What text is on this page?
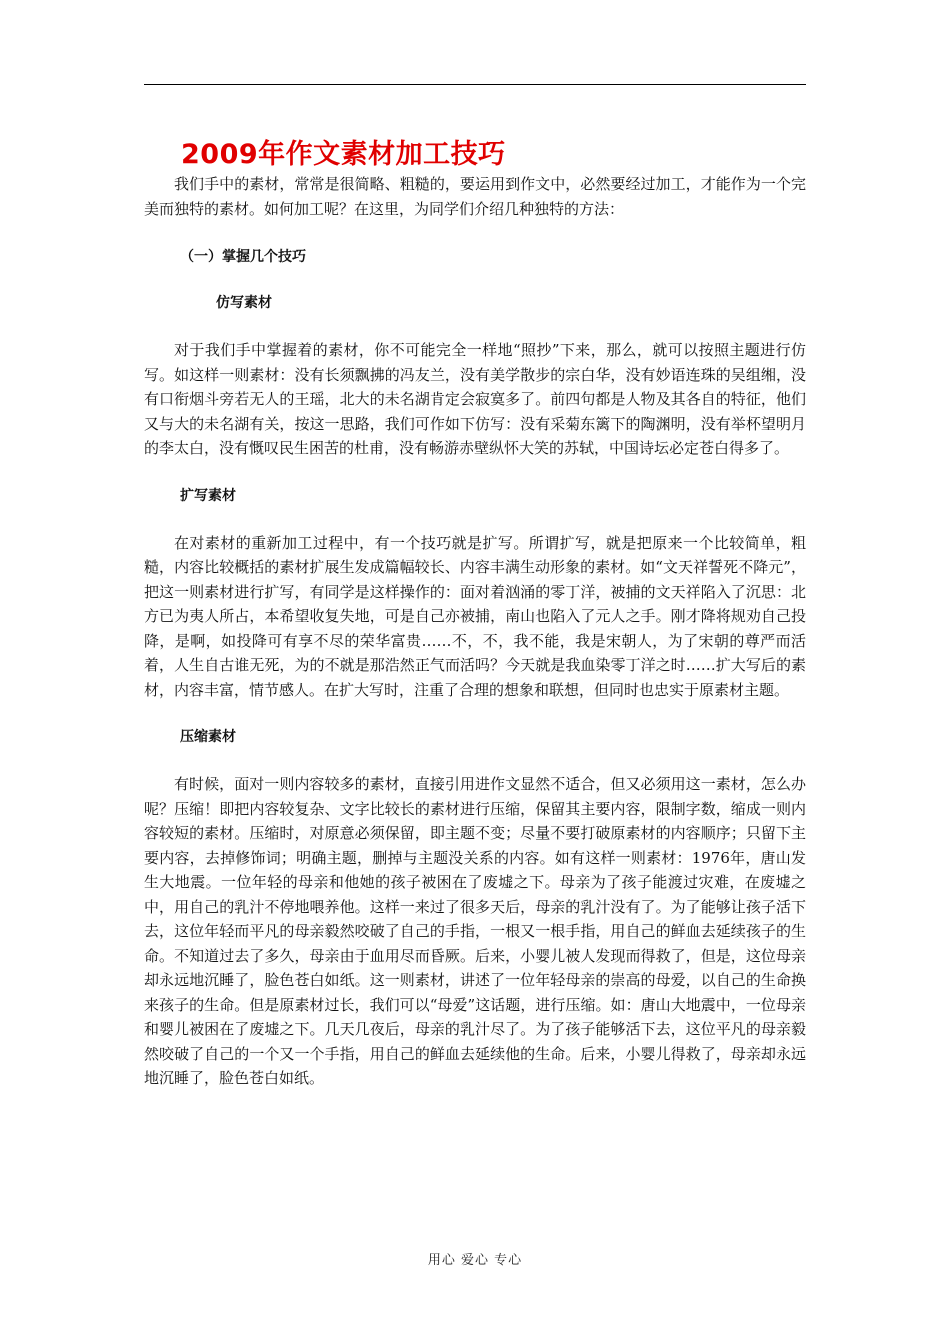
2009年作文素材加工技巧

我们手中的素材，常常是很简略、粗糙的，要运用到作文中，必然要经过加工，才能作为一个完美而独特的素材。如何加工呢？在这里，为同学们介绍几种独特的方法：

（一）掌握几个技巧

仿写素材

对于我们手中掌握着的素材，你不可能完全一样地“照抄”下来，那么，就可以按照主题进行仿写。如这样一则素材：没有长须飘拂的冯友兰，没有美学散步的宗白华，没有妙语连珠的吴组缃，没有口衔烟斗旁若无人的王瑶，北大的未名湖肯定会寂寞多了。前四句都是人物及其各自的特征，他们又与大的未名湖有关，按这一思路，我们可作如下仿写：没有采菊东篱下的陶渊明，没有举杯望明月的李太白，没有慨叹民生困苦的杜甫，没有畅游赤壁纵怀大笑的苏轼，中国诗坛必定苍白得多了。

扩写素材

在对素材的重新加工过程中，有一个技巧就是扩写。所谓扩写，就是把原来一个比较简单，粗糙，内容比较概括的素材扩展生发成篇幅较长、内容丰满生动形象的素材。如“文天祥誓死不降元”，把这一则素材进行扩写，有同学是这样操作的：面对着汹涌的零丁洋，被捕的文天祥陷入了沉思：北方已为夷人所占，本希望收复失地，可是自己亦被捕，南山也陷入了元人之手。刚才降将规劝自己投降，是啊，如投降可有享不尽的荣华富贵……不，不，我不能，我是宋朝人，为了宋朝的尊严而活着，人生自古谁无死，为的不就是那浩然正气而活吗？今天就是我血染零丁洋之时……扩大写后的素材，内容丰富，情节感人。在扩大写时，注重了合理的想象和联想，但同时也忠实于原素材主题。

压缩素材

有时候，面对一则内容较多的素材，直接引用进作文显然不适合，但又必须用这一素材，怎么办呢？压缩！即把内容较复杂、文字比较长的素材进行压缩，保留其主要内容，限制字数，缩成一则内容较短的素材。压缩时，对原意必须保留，即主题不变；尽量不要打破原素材的内容顺序；只留下主要内容，去掉修饰词；明确主题，删掉与主题没关系的内容。如有这样一则素材：1976年，唐山发生大地震。一位年轻的母亲和他她的孩子被困在了废墟之下。母亲为了孩子能渡过灾难，在废墟之中，用自己的乳汁不停地喂养他。这样一来过了很多天后，母亲的乳汁没有了。为了能够让孩子活下去，这位年轻而平凡的母亲毅然咬破了自己的手指，一根又一根手指，用自己的鲜血去延续孩子的生命。不知道过去了多久，母亲由于血用尽而昏厥。后来，小婴儿被人发现而得救了，但是，这位母亲却永远地沉睡了，脸色苍白如纸。这一则素材，讲述了一位年轻母亲的崇高的母爱，以自己的生命换来孩子的生命。但是原素材过长，我们可以“母爱”这话题，进行压缩。如：唐山大地震中，一位母亲和婴儿被困在了废墟之下。几天几夜后，母亲的乳汁尽了。为了孩子能够活下去，这位平凡的母亲毅然咬破了自己的一个又一个手指，用自己的鲜血去延续他的生命。后来，小婴儿得救了，母亲却永远地沉睡了，脸色苍白如纸。

用心 爱心 专心
